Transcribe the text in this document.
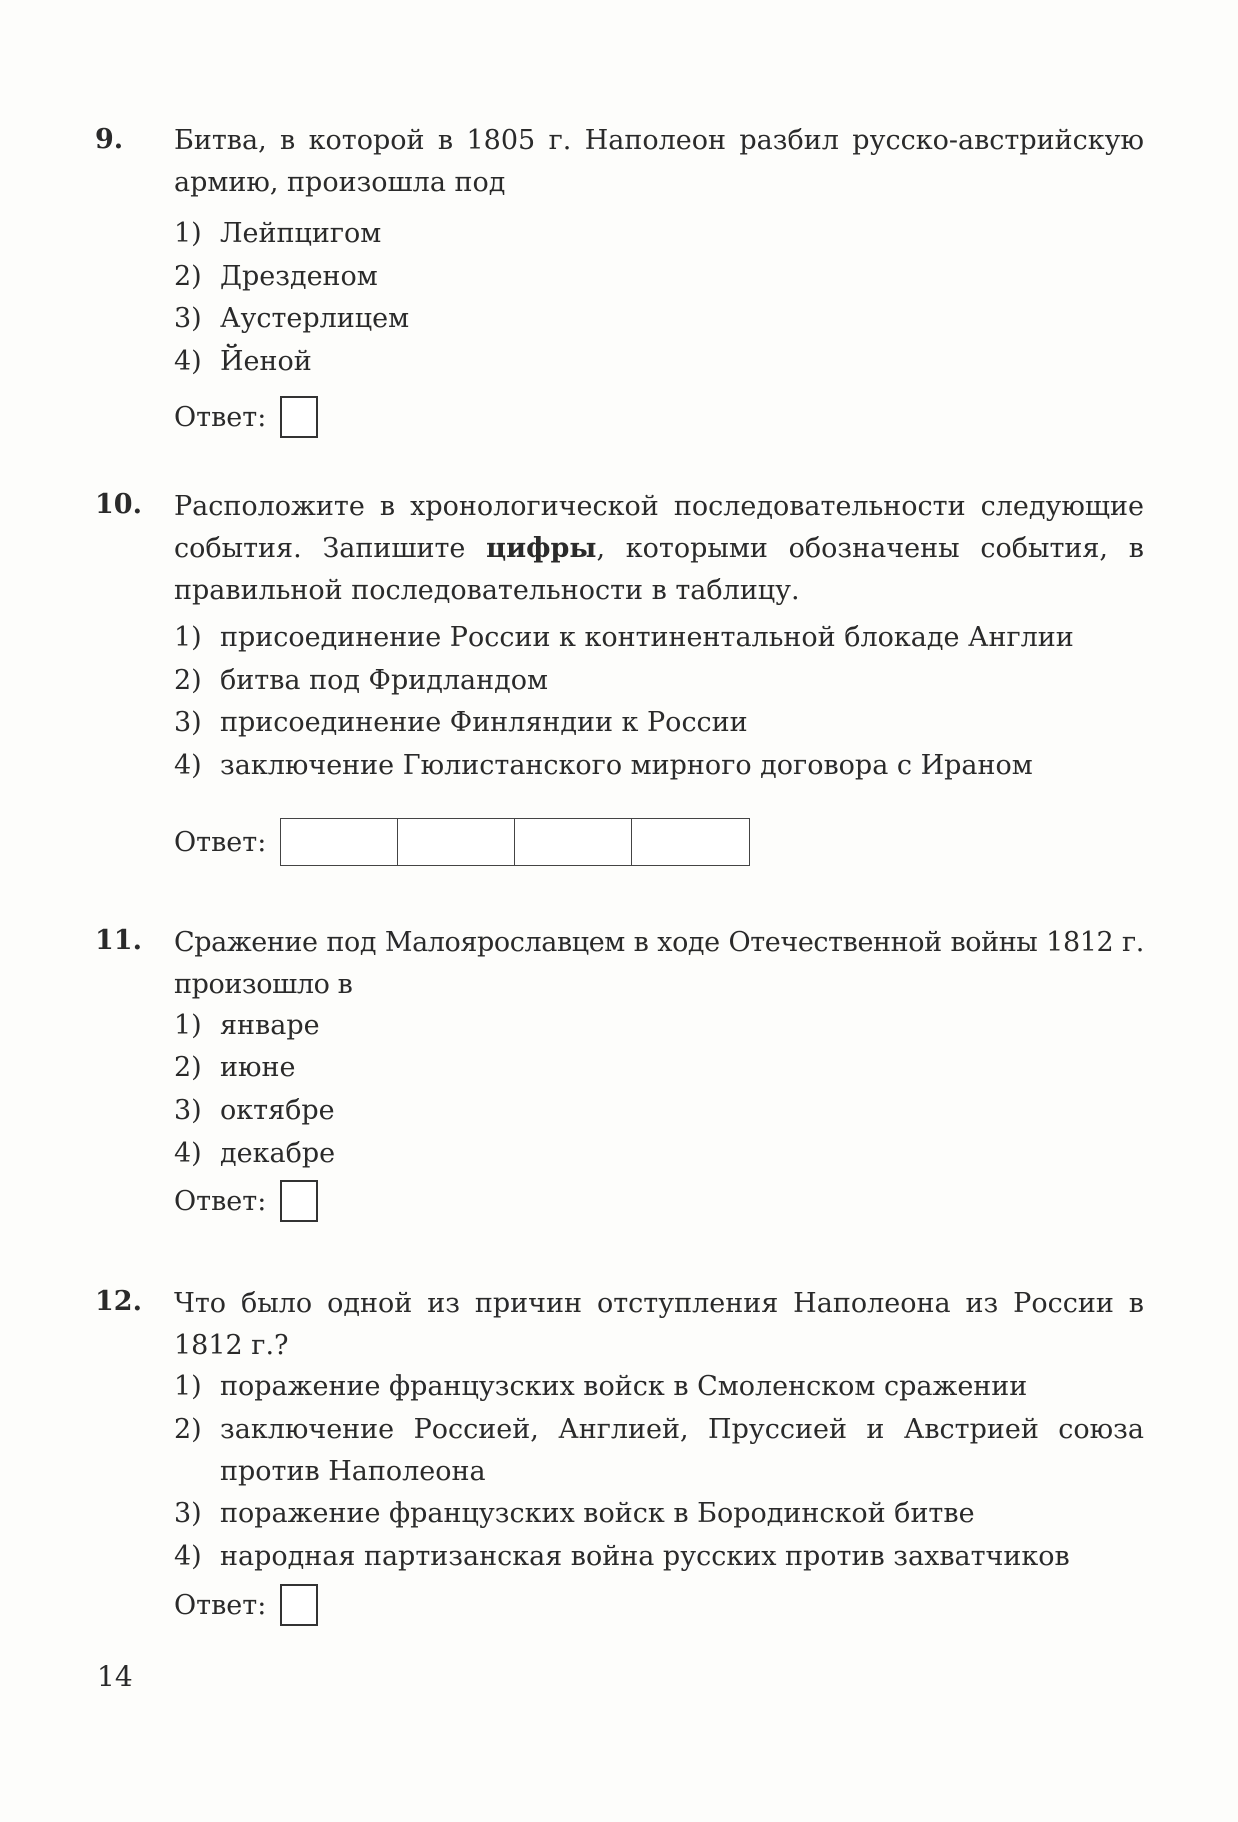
9. Битва, в которой в 1805 г. Наполеон разбил русско-австрийскую армию, произошла под
1) Лейпцигом
2) Дрезденом
3) Аустерлицем
4) Йеной
Ответ:
10. Расположите в хронологической последовательности следующие события. Запишите цифры, которыми обозначены события, в правильной последовательности в таблицу.
1) присоединение России к континентальной блокаде Англии
2) битва под Фридландом
3) присоединение Финляндии к России
4) заключение Гюлистанского мирного договора с Ираном
Ответ:
11. Сражение под Малоярославцем в ходе Отечественной войны 1812 г. произошло в
1) январе
2) июне
3) октябре
4) декабре
Ответ:
12. Что было одной из причин отступления Наполеона из России в 1812 г.?
1) поражение французских войск в Смоленском сражении
2) заключение Россией, Англией, Пруссией и Австрией союза против Наполеона
3) поражение французских войск в Бородинской битве
4) народная партизанская война русских против захватчиков
Ответ:
14
